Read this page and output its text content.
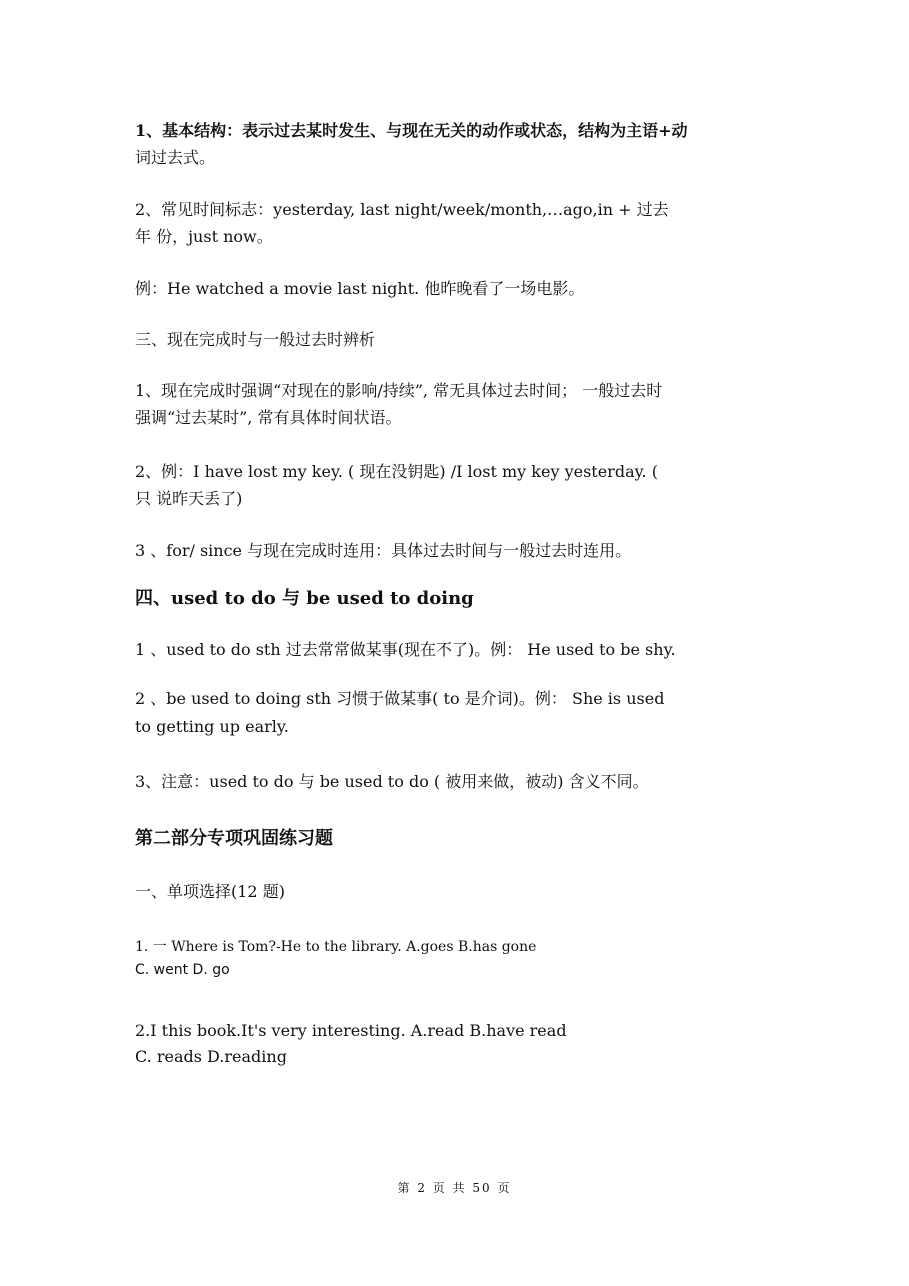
1、基本结构：表示过去某时发生、与现在无关的动作或状态，结构为主语+动
词过去式。
2、常见时间标志：yesterday, last night/week/month,…ago,in + 过去
年 份，just now。
例：He watched a movie last night. 他昨晚看了一场电影。
三、现在完成时与一般过去时辨析
1、现在完成时强调“对现在的影响/持续”, 常无具体过去时间； 一般过去时
强调“过去某时”, 常有具体时间状语。
2、例：I have lost my key. ( 现在没钥匙) /I lost my key yesterday. (
只 说昨天丢了)
3 、for/ since 与现在完成时连用：具体过去时间与一般过去时连用。
四、used to do 与 be used to doing
1 、used to do sth 过去常常做某事(现在不了)。例： He used to be shy.
2 、be used to doing sth 习惯于做某事( to 是介词)。例： She is used
to getting up early.
3、注意：used to do 与 be used to do ( 被用来做，被动) 含义不同。
第二部分专项巩固练习题
一、单项选择(12 题)
1. 一 Where is Tom?-He to the library. A.goes B.has gone
C. went D. go
2.I this book.It's very interesting. A.read B.have read
C. reads D.reading
第 2 页 共 50 页
